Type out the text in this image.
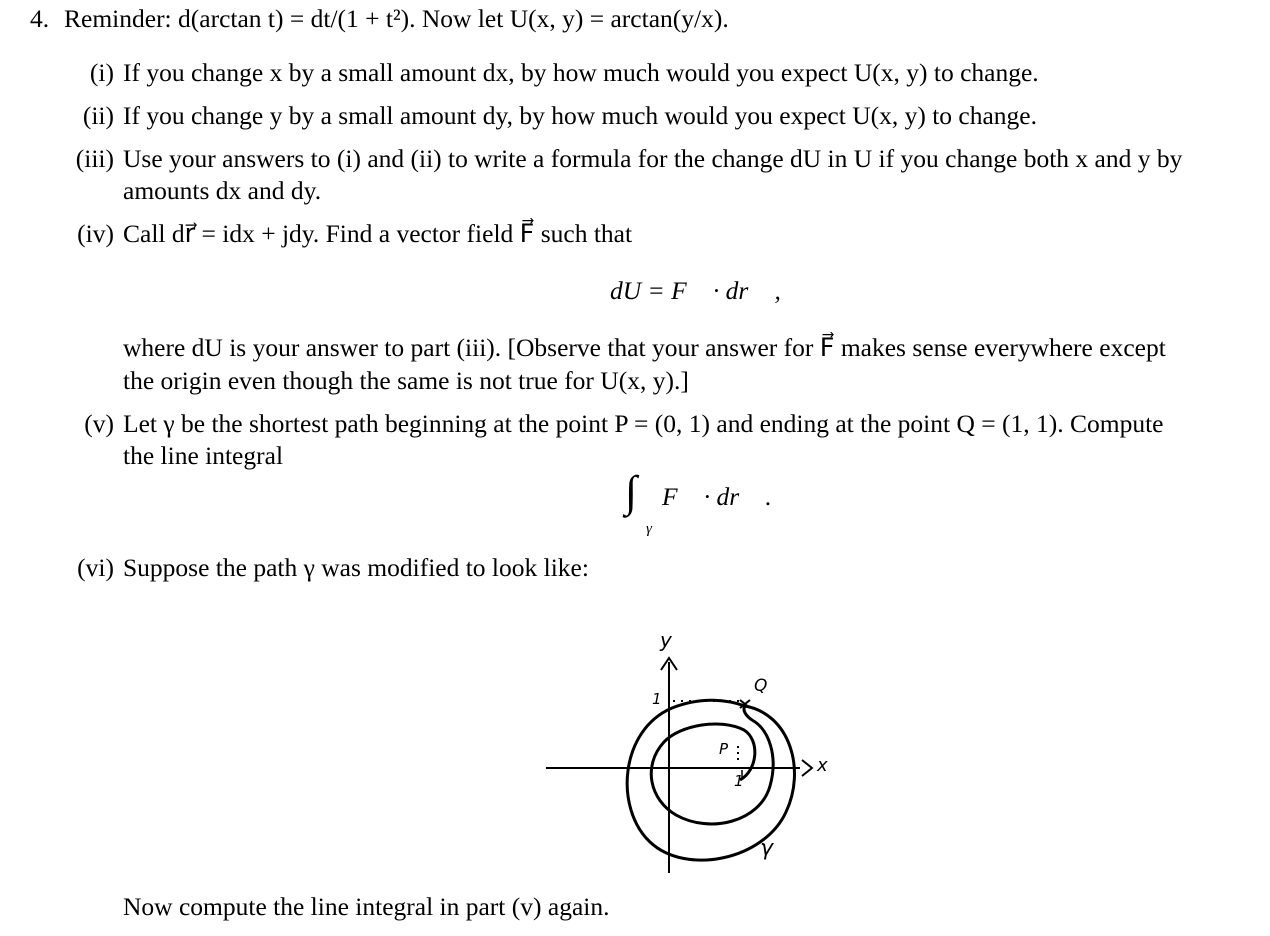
4. Reminder: d(arctan t) = dt/(1 + t²). Now let U(x, y) = arctan(y/x).
(i) If you change x by a small amount dx, by how much would you expect U(x, y) to change.
(ii) If you change y by a small amount dy, by how much would you expect U(x, y) to change.
(iii) Use your answers to (i) and (ii) to write a formula for the change dU in U if you change both x and y by
amounts dx and dy.
(iv) Call dr⃗ = idx + jdy. Find a vector field F⃗ such that
dU = F⃗ · dr⃗ ,
where dU is your answer to part (iii). [Observe that your answer for F⃗ makes sense everywhere except
the origin even though the same is not true for U(x, y).]
(v) Let γ be the shortest path beginning at the point P = (0, 1) and ending at the point Q = (1, 1). Compute
the line integral
∫
γ
F⃗ · dr⃗ .
(vi) Suppose the path γ was modified to look like:
y
x
1
1
P
Q
γ
Now compute the line integral in part (v) again.
